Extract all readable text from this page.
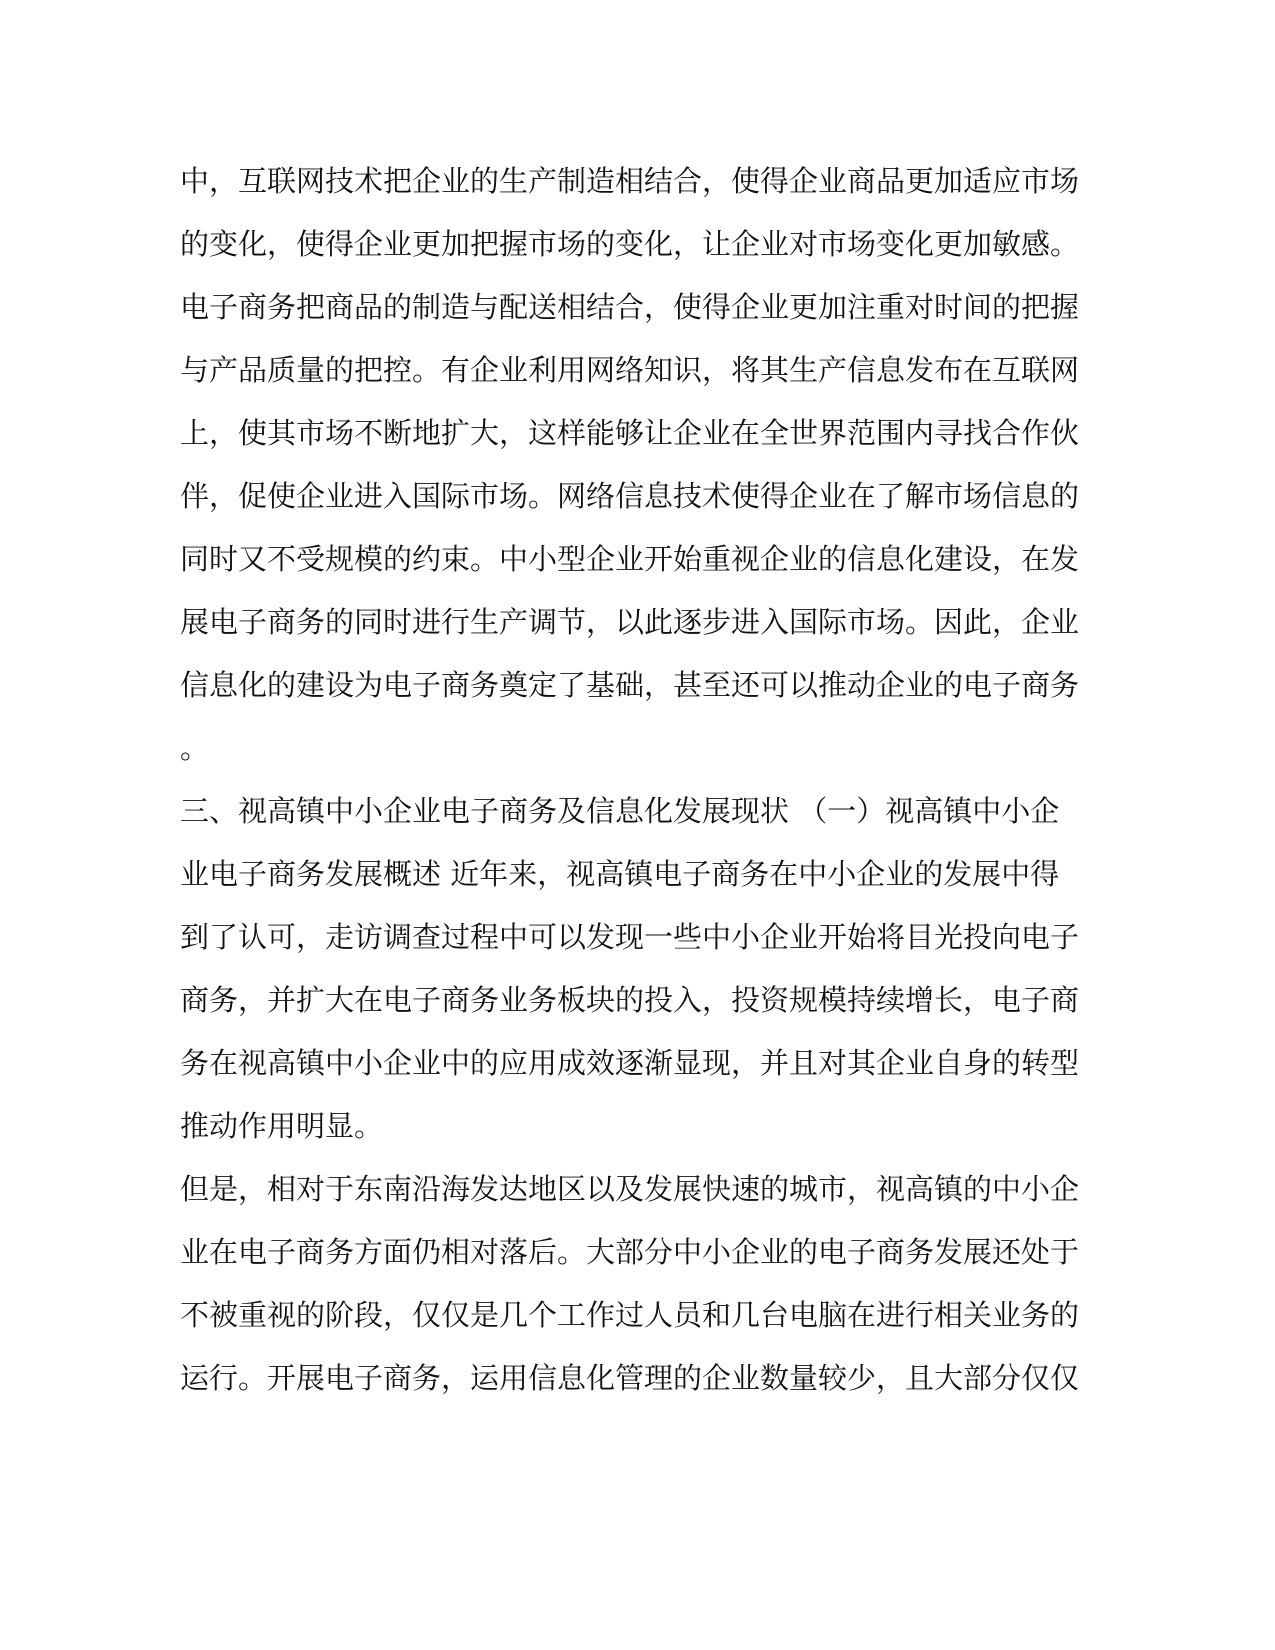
中，互联网技术把企业的生产制造相结合，使得企业商品更加适应市场
的变化，使得企业更加把握市场的变化，让企业对市场变化更加敏感。
电子商务把商品的制造与配送相结合，使得企业更加注重对时间的把握
与产品质量的把控。有企业利用网络知识，将其生产信息发布在互联网
上，使其市场不断地扩大，这样能够让企业在全世界范围内寻找合作伙
伴，促使企业进入国际市场。网络信息技术使得企业在了解市场信息的
同时又不受规模的约束。中小型企业开始重视企业的信息化建设，在发
展电子商务的同时进行生产调节，以此逐步进入国际市场。因此，企业
信息化的建设为电子商务奠定了基础，甚至还可以推动企业的电子商务
。
三、视高镇中小企业电子商务及信息化发展现状 （一）视高镇中小企
业电子商务发展概述 近年来，视高镇电子商务在中小企业的发展中得
到了认可，走访调查过程中可以发现一些中小企业开始将目光投向电子
商务，并扩大在电子商务业务板块的投入，投资规模持续增长，电子商
务在视高镇中小企业中的应用成效逐渐显现，并且对其企业自身的转型
推动作用明显。
但是，相对于东南沿海发达地区以及发展快速的城市，视高镇的中小企
业在电子商务方面仍相对落后。大部分中小企业的电子商务发展还处于
不被重视的阶段，仅仅是几个工作过人员和几台电脑在进行相关业务的
运行。开展电子商务，运用信息化管理的企业数量较少，且大部分仅仅
